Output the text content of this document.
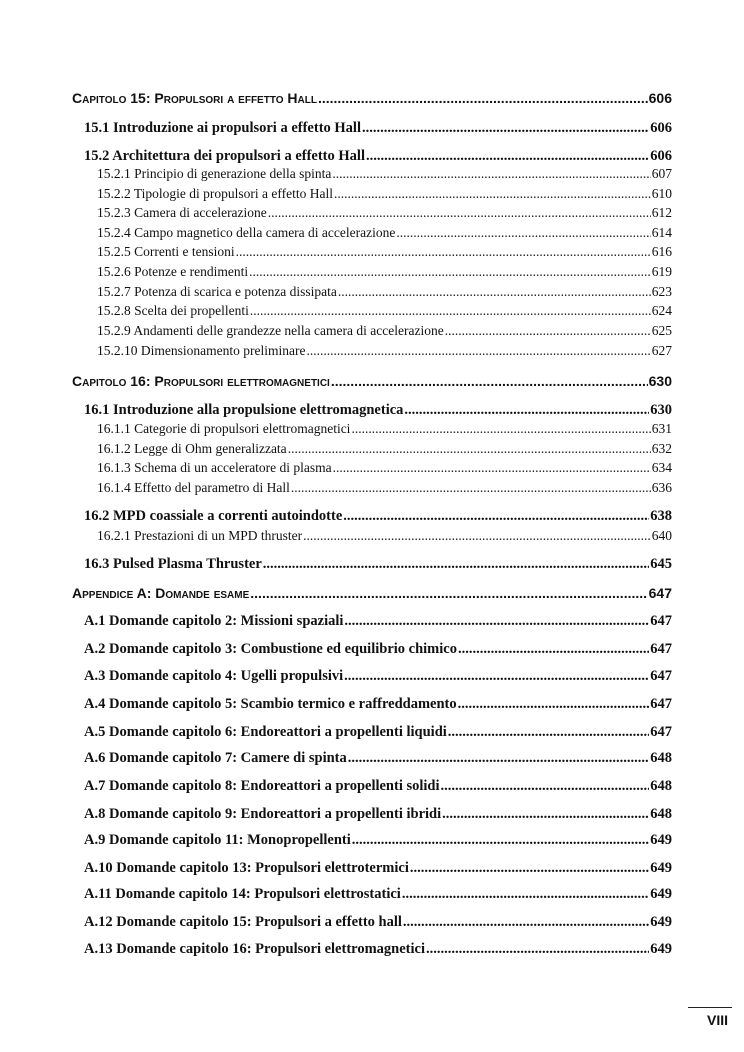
Capitolo 15: Propulsori a effetto Hall .....	606
15.1 Introduzione ai propulsori a effetto Hall .....	606
15.2 Architettura dei propulsori a effetto Hall .....	606
15.2.1 Principio di generazione della spinta .....	607
15.2.2 Tipologie di propulsori a effetto Hall .....	610
15.2.3 Camera di accelerazione .....	612
15.2.4 Campo magnetico della camera di accelerazione .....	614
15.2.5 Correnti e tensioni .....	616
15.2.6 Potenze e rendimenti .....	619
15.2.7 Potenza di scarica e potenza dissipata .....	623
15.2.8 Scelta dei propellenti .....	624
15.2.9 Andamenti delle grandezze nella camera di accelerazione .....	625
15.2.10 Dimensionamento preliminare .....	627
Capitolo 16: Propulsori elettromagnetici .....	630
16.1 Introduzione alla propulsione elettromagnetica .....	630
16.1.1 Categorie di propulsori elettromagnetici .....	631
16.1.2 Legge di Ohm generalizzata .....	632
16.1.3 Schema di un acceleratore di plasma .....	634
16.1.4 Effetto del parametro di Hall .....	636
16.2 MPD coassiale a correnti autoindotte .....	638
16.2.1 Prestazioni di un MPD thruster .....	640
16.3 Pulsed Plasma Thruster .....	645
Appendice A: Domande esame .....	647
A.1 Domande capitolo 2: Missioni spaziali .....	647
A.2 Domande capitolo 3: Combustione ed equilibrio chimico .....	647
A.3 Domande capitolo 4: Ugelli propulsivi .....	647
A.4 Domande capitolo 5: Scambio termico e raffreddamento .....	647
A.5 Domande capitolo 6: Endoreattori a propellenti liquidi .....	647
A.6 Domande capitolo 7: Camere di spinta .....	648
A.7 Domande capitolo 8: Endoreattori a propellenti solidi .....	648
A.8 Domande capitolo 9: Endoreattori a propellenti ibridi .....	648
A.9 Domande capitolo 11: Monopropellenti .....	649
A.10 Domande capitolo 13: Propulsori elettrotermici .....	649
A.11 Domande capitolo 14: Propulsori elettrostatici .....	649
A.12 Domande capitolo 15: Propulsori a effetto hall .....	649
A.13 Domande capitolo 16: Propulsori elettromagnetici .....	649
VIII
